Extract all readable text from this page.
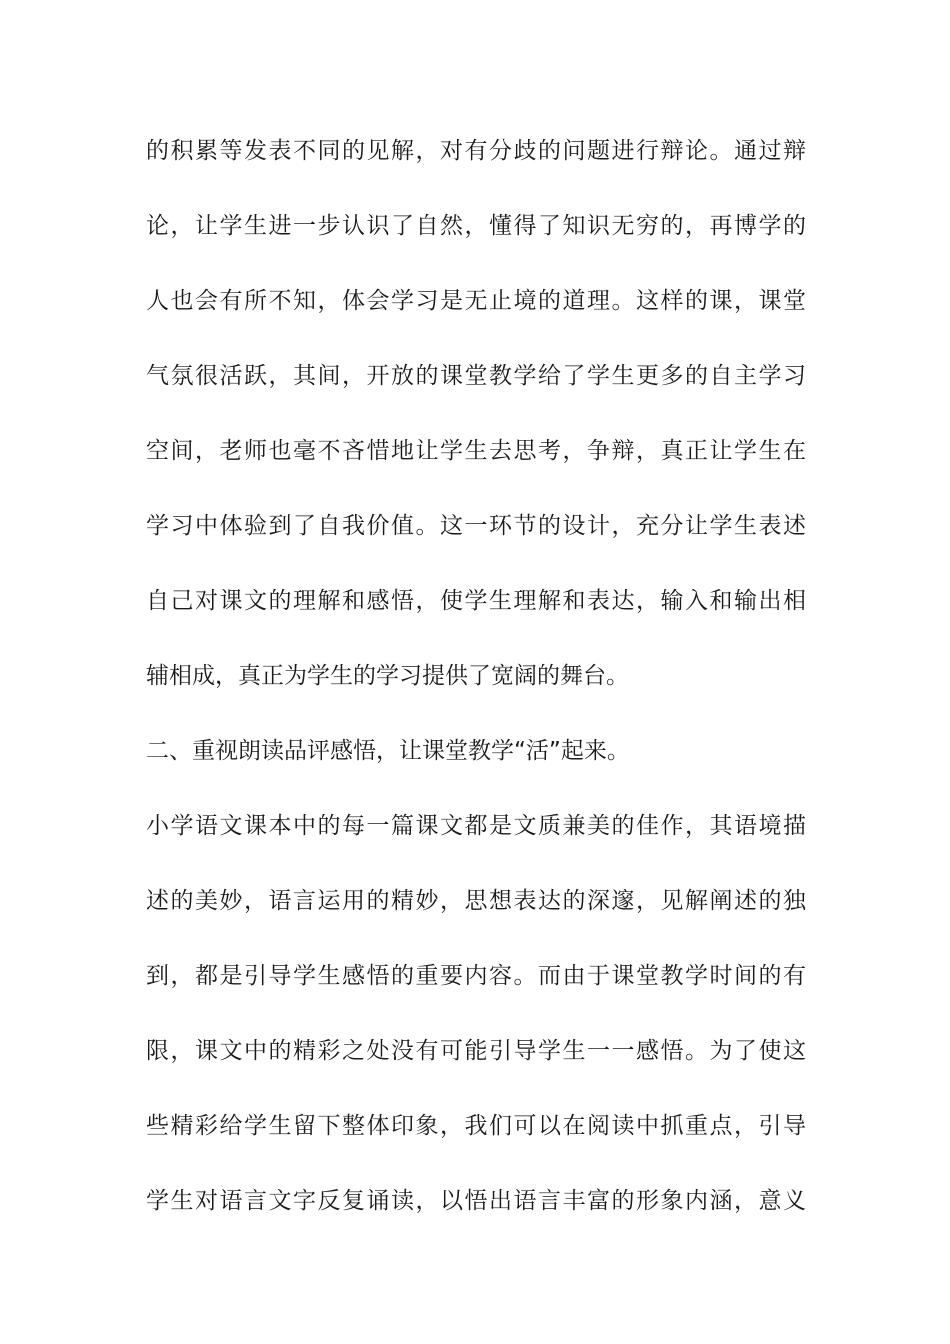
的积累等发表不同的见解，对有分歧的问题进行辩论。通过辩
论，让学生进一步认识了自然，懂得了知识无穷的，再博学的
人也会有所不知，体会学习是无止境的道理。这样的课，课堂
气氛很活跃，其间，开放的课堂教学给了学生更多的自主学习
空间，老师也毫不吝惜地让学生去思考，争辩，真正让学生在
学习中体验到了自我价值。这一环节的设计，充分让学生表述
自己对课文的理解和感悟，使学生理解和表达，输入和输出相
辅相成，真正为学生的学习提供了宽阔的舞台。
二、重视朗读品评感悟，让课堂教学“活”起来。
小学语文课本中的每一篇课文都是文质兼美的佳作，其语境描
述的美妙，语言运用的精妙，思想表达的深邃，见解阐述的独
到，都是引导学生感悟的重要内容。而由于课堂教学时间的有
限，课文中的精彩之处没有可能引导学生一一感悟。为了使这
些精彩给学生留下整体印象，我们可以在阅读中抓重点，引导
学生对语言文字反复诵读，以悟出语言丰富的形象内涵，意义
